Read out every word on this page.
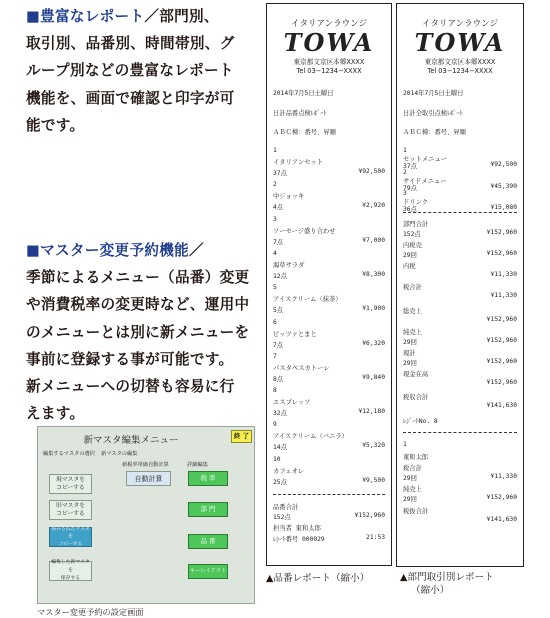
■豊富なレポート／部門別、
取引別、品番別、時間帯別、グ
ループ別などの豊富なレポート
機能を、画面で確認と印字が可
能です。
■マスター変更予約機能／
季節によるメニュー（品番）変更
や消費税率の変更時など、運用中
のメニューとは別に新メニューを
事前に登録する事が可能です。
新メニューへの切替も容易に行
えます。
新マスタ編集メニュー	終 了
編集するマスタの選択 新マスタの編集
新税率単価自動計算	詳細編集
現マスタを
コピーする
旧マスタを
コピーする
保存されたマスタを
コピーする
編集した新マスタを
保存する
自動計算	税 率
部 門
品 番
キーレイアウト
マスター変更予約の設定画面
イタリアンラウンジ
TOWA
東京都文京区本郷XXXX
Tel 03−1234−XXXX
2014年7月5日土曜日
日計品番点検ﾚﾎﾟｰﾄ
ＡＢＣ棟：番号、昇順
1
イタリアンセット
37点	¥92,500
2
中ジョッキ
4点	¥2,920
3
ソーセージ盛り合わせ
7点	¥7,000
4
海草サラダ
12点	¥8,300
5
アイスクリーム（抹茶）
5点	¥1,900
6
ピッツァとまと
7点	¥6,320
7
パスタペスカトーレ
8点	¥9,840
8
エスプレッソ
32点	¥12,180
9
アイスクリーム（バニラ）
14点	¥5,320
10
カフェオレ
25点	¥9,500
品番合計
152点	¥152,960
担当者 東和太郎
ﾚｼｰﾄ番号 000029	21:53
▲品番レポート（縮小）
イタリアンラウンジ
TOWA
東京都文京区本郷XXXX
Tel 03−1234−XXXX
2014年7月5日土曜日
日計全取引点検ﾚﾎﾟｰﾄ
ＡＢＣ棟：番号、昇順
1
セットメニュー
37点	¥92,500
2
サイドメニュー
79点	¥45,390
3
ドリンク
36点	¥15,080
部門合計
152点	¥152,960
内税売
29回	¥152,960
内税
¥11,330
税合計
¥11,330
総売上
¥152,960
純売上
29回	¥152,960
現計
29回	¥152,960
現金在高
¥152,960
税収合計
¥141,630
ﾚｼﾞｰﾄNo. 8
1
東和太郎
税合計
29回	¥11,330
純売上
29回	¥152,960
税抜合計
¥141,630
▲部門取引別レポート
（縮小）
